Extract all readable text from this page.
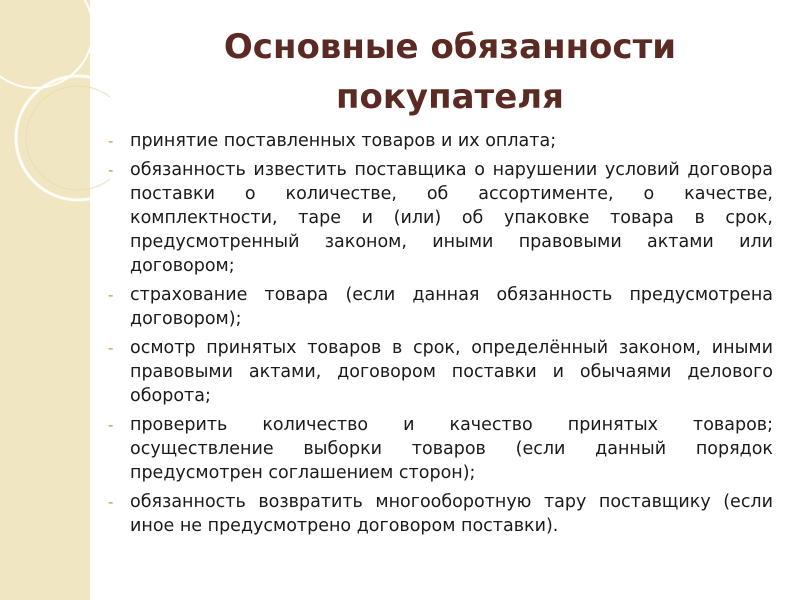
Основные обязанности покупателя
- принятие поставленных товаров и их оплата;
- обязанность известить поставщика о нарушении условий договора поставки о количестве, об ассортименте, о качестве, комплектности, таре и (или) об упаковке товара в срок, предусмотренный законом, иными правовыми актами или договором;
- страхование товара (если данная обязанность предусмотрена договором);
- осмотр принятых товаров в срок, определённый законом, иными правовыми актами, договором поставки и обычаями делового оборота;
- проверить количество и качество принятых товаров; осуществление выборки товаров (если данный порядок предусмотрен соглашением сторон);
- обязанность возвратить многооборотную тару поставщику (если иное не предусмотрено договором поставки).
